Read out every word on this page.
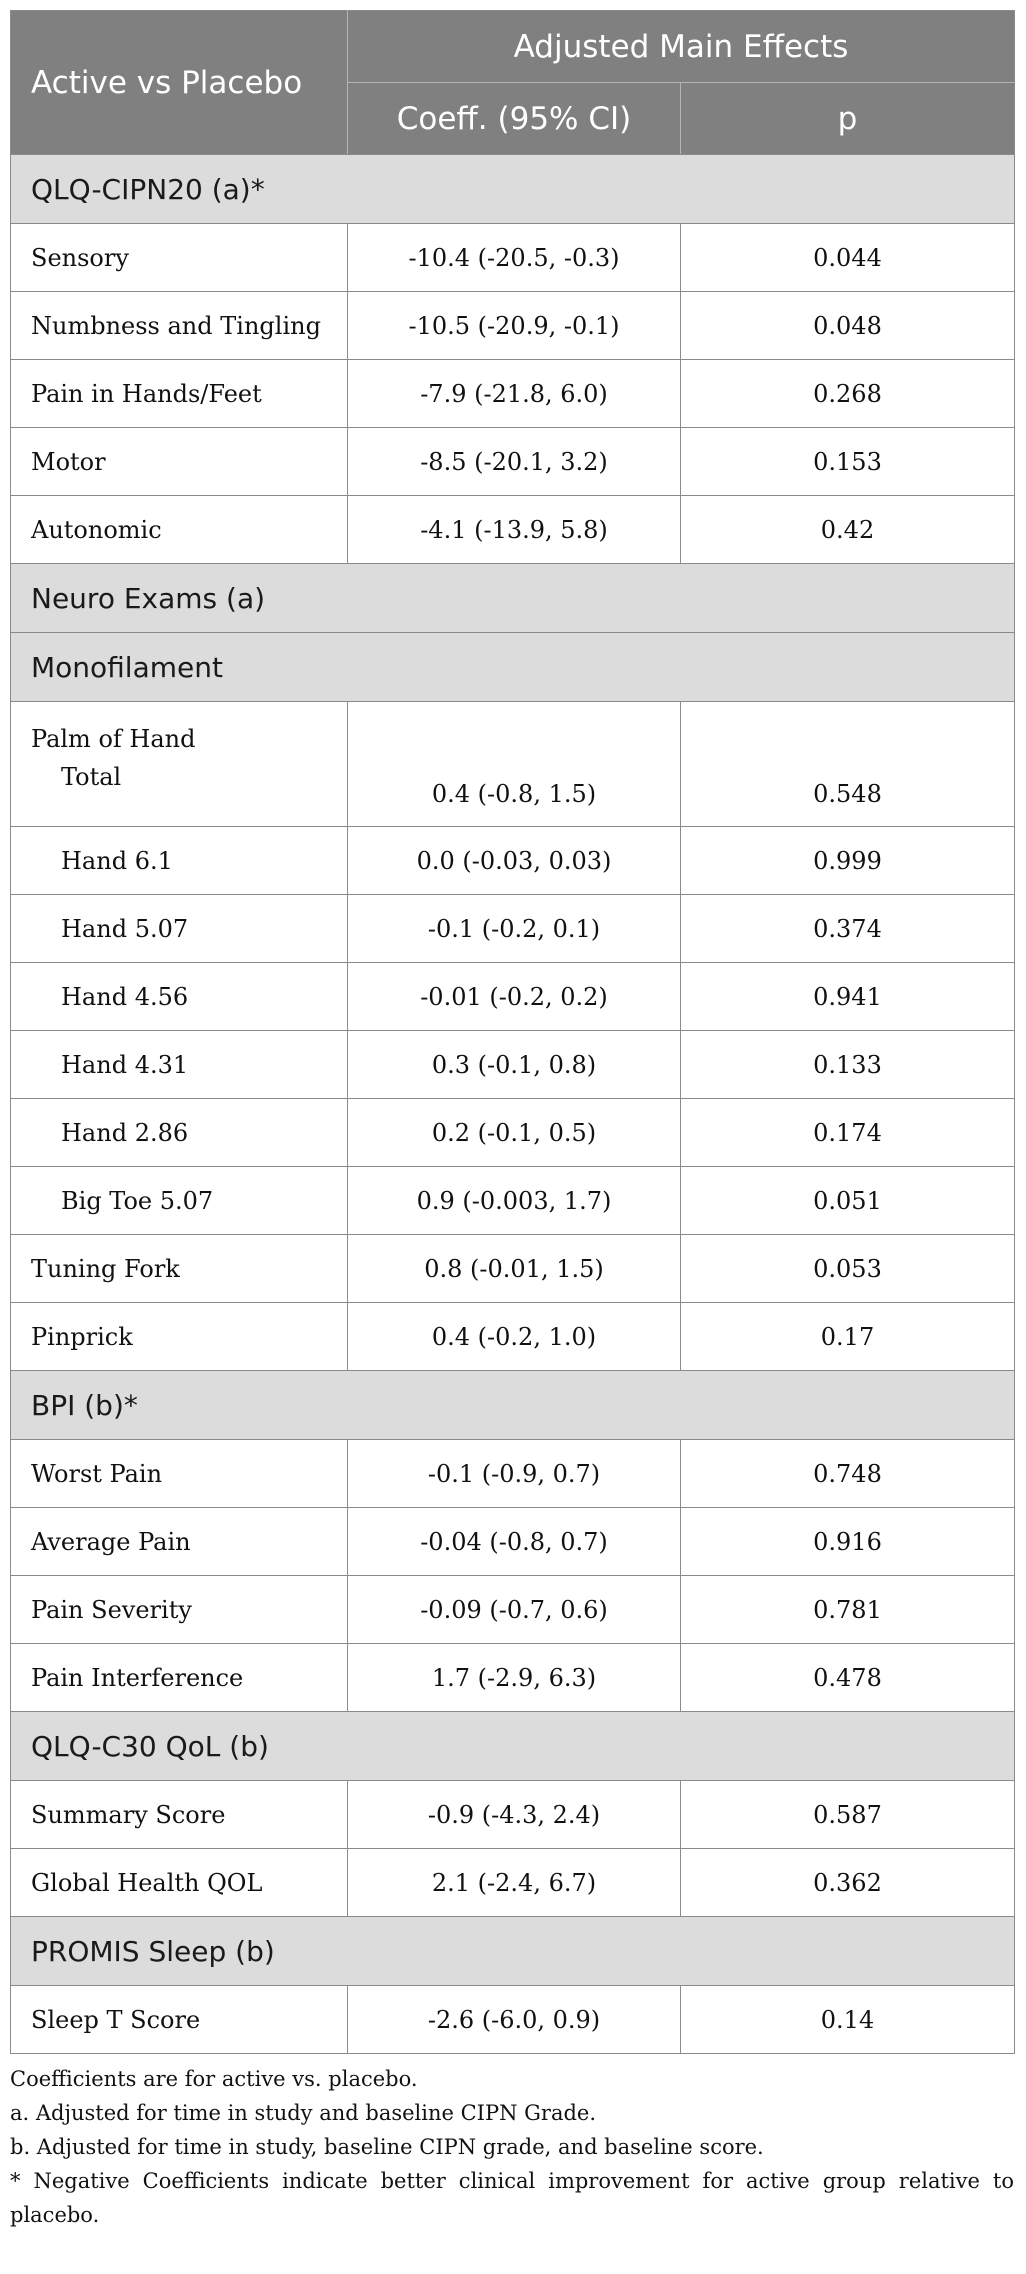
Active vs Placebo	Adjusted Main Effects	
	Coeff. (95% CI)	p
QLQ-CIPN20 (a)*		
Sensory	-10.4 (-20.5, -0.3)	0.044
Numbness and Tingling	-10.5 (-20.9, -0.1)	0.048
Pain in Hands/Feet	-7.9 (-21.8, 6.0)	0.268
Motor	-8.5 (-20.1, 3.2)	0.153
Autonomic	-4.1 (-13.9, 5.8)	0.42
Neuro Exams (a)		
Monofilament		

Palm of Hand
Total	0.4 (-0.8, 1.5)	0.548
Hand 6.1	0.0 (-0.03, 0.03)	0.999
Hand 5.07	-0.1 (-0.2, 0.1)	0.374
Hand 4.56	-0.01 (-0.2, 0.2)	0.941
Hand 4.31	0.3 (-0.1, 0.8)	0.133
Hand 2.86	0.2 (-0.1, 0.5)	0.174
Big Toe 5.07	0.9 (-0.003, 1.7)	0.051
Tuning Fork	0.8 (-0.01, 1.5)	0.053
Pinprick	0.4 (-0.2, 1.0)	0.17
BPI (b)*		
Worst Pain	-0.1 (-0.9, 0.7)	0.748
Average Pain	-0.04 (-0.8, 0.7)	0.916
Pain Severity	-0.09 (-0.7, 0.6)	0.781
Pain Interference	1.7 (-2.9, 6.3)	0.478
QLQ-C30 QoL (b)		
Summary Score	-0.9 (-4.3, 2.4)	0.587
Global Health QOL	2.1 (-2.4, 6.7)	0.362
PROMIS Sleep (b)		
Sleep T Score	-2.6 (-6.0, 0.9)	0.14

Coefficients are for active vs. placebo.

a. Adjusted for time in study and baseline CIPN Grade.

b. Adjusted for time in study, baseline CIPN grade, and baseline score.

* Negative Coefficients indicate better clinical improvement for active group relative to placebo.
